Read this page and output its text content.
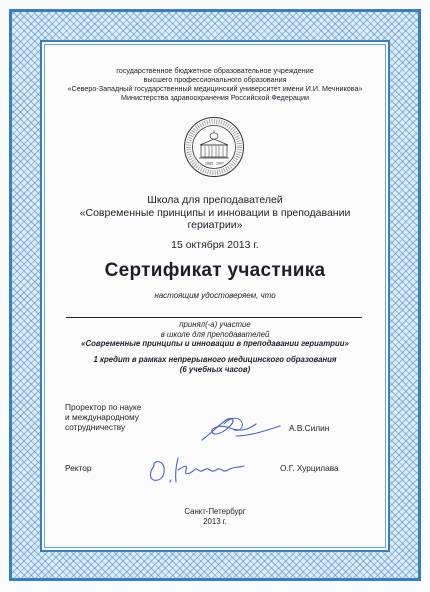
государственное бюджетное образовательное учреждение
высшего профессионального образования
«Северо-Западный государственный медицинский университет имени И.И. Мечникова»
Министерства здравоохранения Российской Федерации
1885 1907
Школа для преподавателей
«Современные принципы и инновации в преподавании
гериатрии»
15 октября 2013 г.
Сертификат участника
настоящим удостоверяем, что
принял(-а) участие
в школе для преподавателей
«Современные принципы и инновации в преподавании гериатрии»
1 кредит в рамках непрерывного медицинского образования
(6 учебных часов)
Проректор по науке
и международному
сотрудничеству	А.В.Силин
Ректор	О.Г. Хурцилава
Санкт-Петербург
2013 г.
